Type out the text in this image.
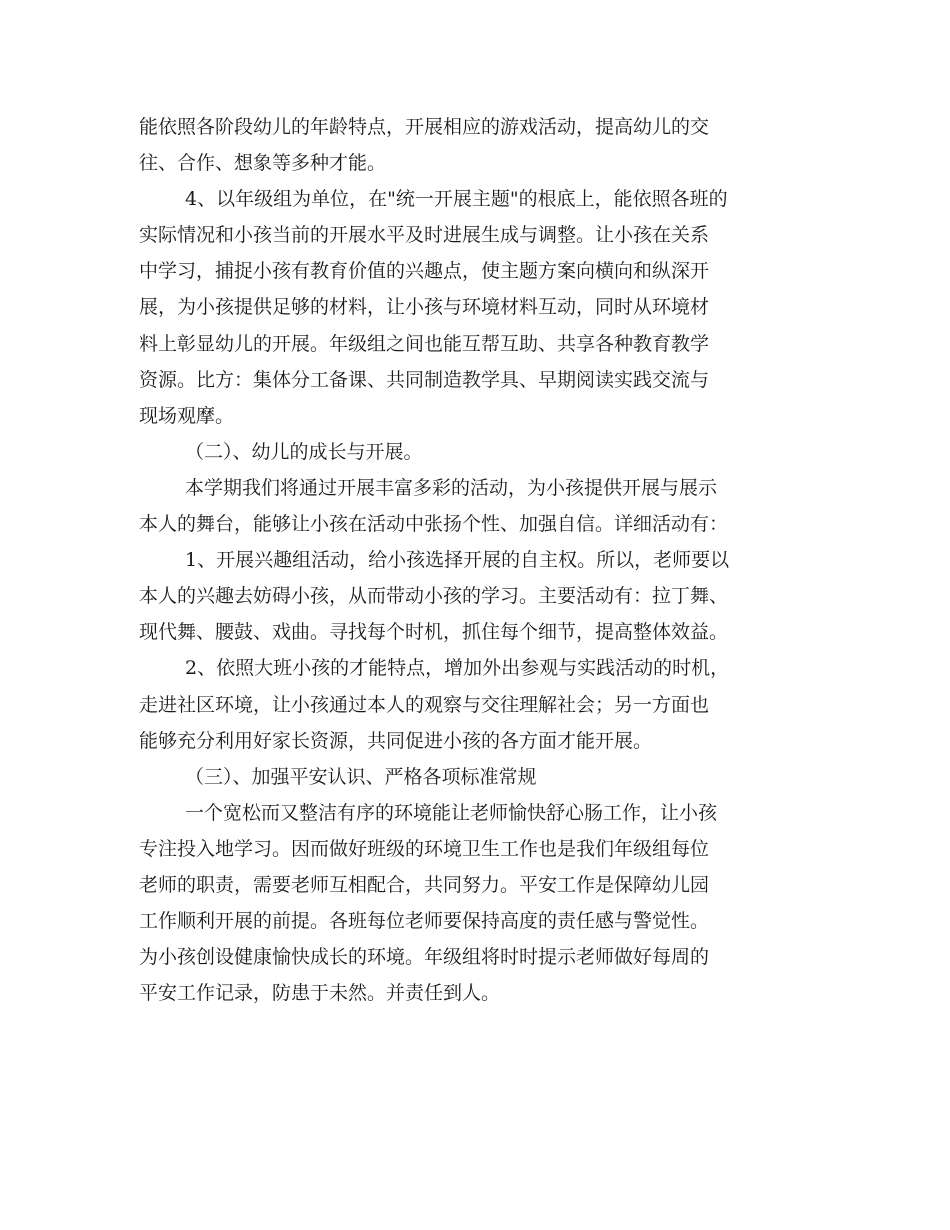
能依照各阶段幼儿的年龄特点，开展相应的游戏活动，提高幼儿的交

往、合作、想象等多种才能。

4、以年级组为单位，在"统一开展主题"的根底上，能依照各班的

实际情况和小孩当前的开展水平及时进展生成与调整。让小孩在关系

中学习，捕捉小孩有教育价值的兴趣点，使主题方案向横向和纵深开

展，为小孩提供足够的材料，让小孩与环境材料互动，同时从环境材

料上彰显幼儿的开展。年级组之间也能互帮互助、共享各种教育教学

资源。比方：集体分工备课、共同制造教学具、早期阅读实践交流与

现场观摩。

（二）、幼儿的成长与开展。

本学期我们将通过开展丰富多彩的活动，为小孩提供开展与展示

本人的舞台，能够让小孩在活动中张扬个性、加强自信。详细活动有：

1、开展兴趣组活动，给小孩选择开展的自主权。所以，老师要以

本人的兴趣去妨碍小孩，从而带动小孩的学习。主要活动有：拉丁舞、

现代舞、腰鼓、戏曲。寻找每个时机，抓住每个细节，提高整体效益。

2、依照大班小孩的才能特点，增加外出参观与实践活动的时机，

走进社区环境，让小孩通过本人的观察与交往理解社会；另一方面也

能够充分利用好家长资源，共同促进小孩的各方面才能开展。

（三）、加强平安认识、严格各项标准常规

一个宽松而又整洁有序的环境能让老师愉快舒心肠工作，让小孩

专注投入地学习。因而做好班级的环境卫生工作也是我们年级组每位

老师的职责，需要老师互相配合，共同努力。平安工作是保障幼儿园

工作顺利开展的前提。各班每位老师要保持高度的责任感与警觉性。

为小孩创设健康愉快成长的环境。年级组将时时提示老师做好每周的

平安工作记录，防患于未然。并责任到人。
